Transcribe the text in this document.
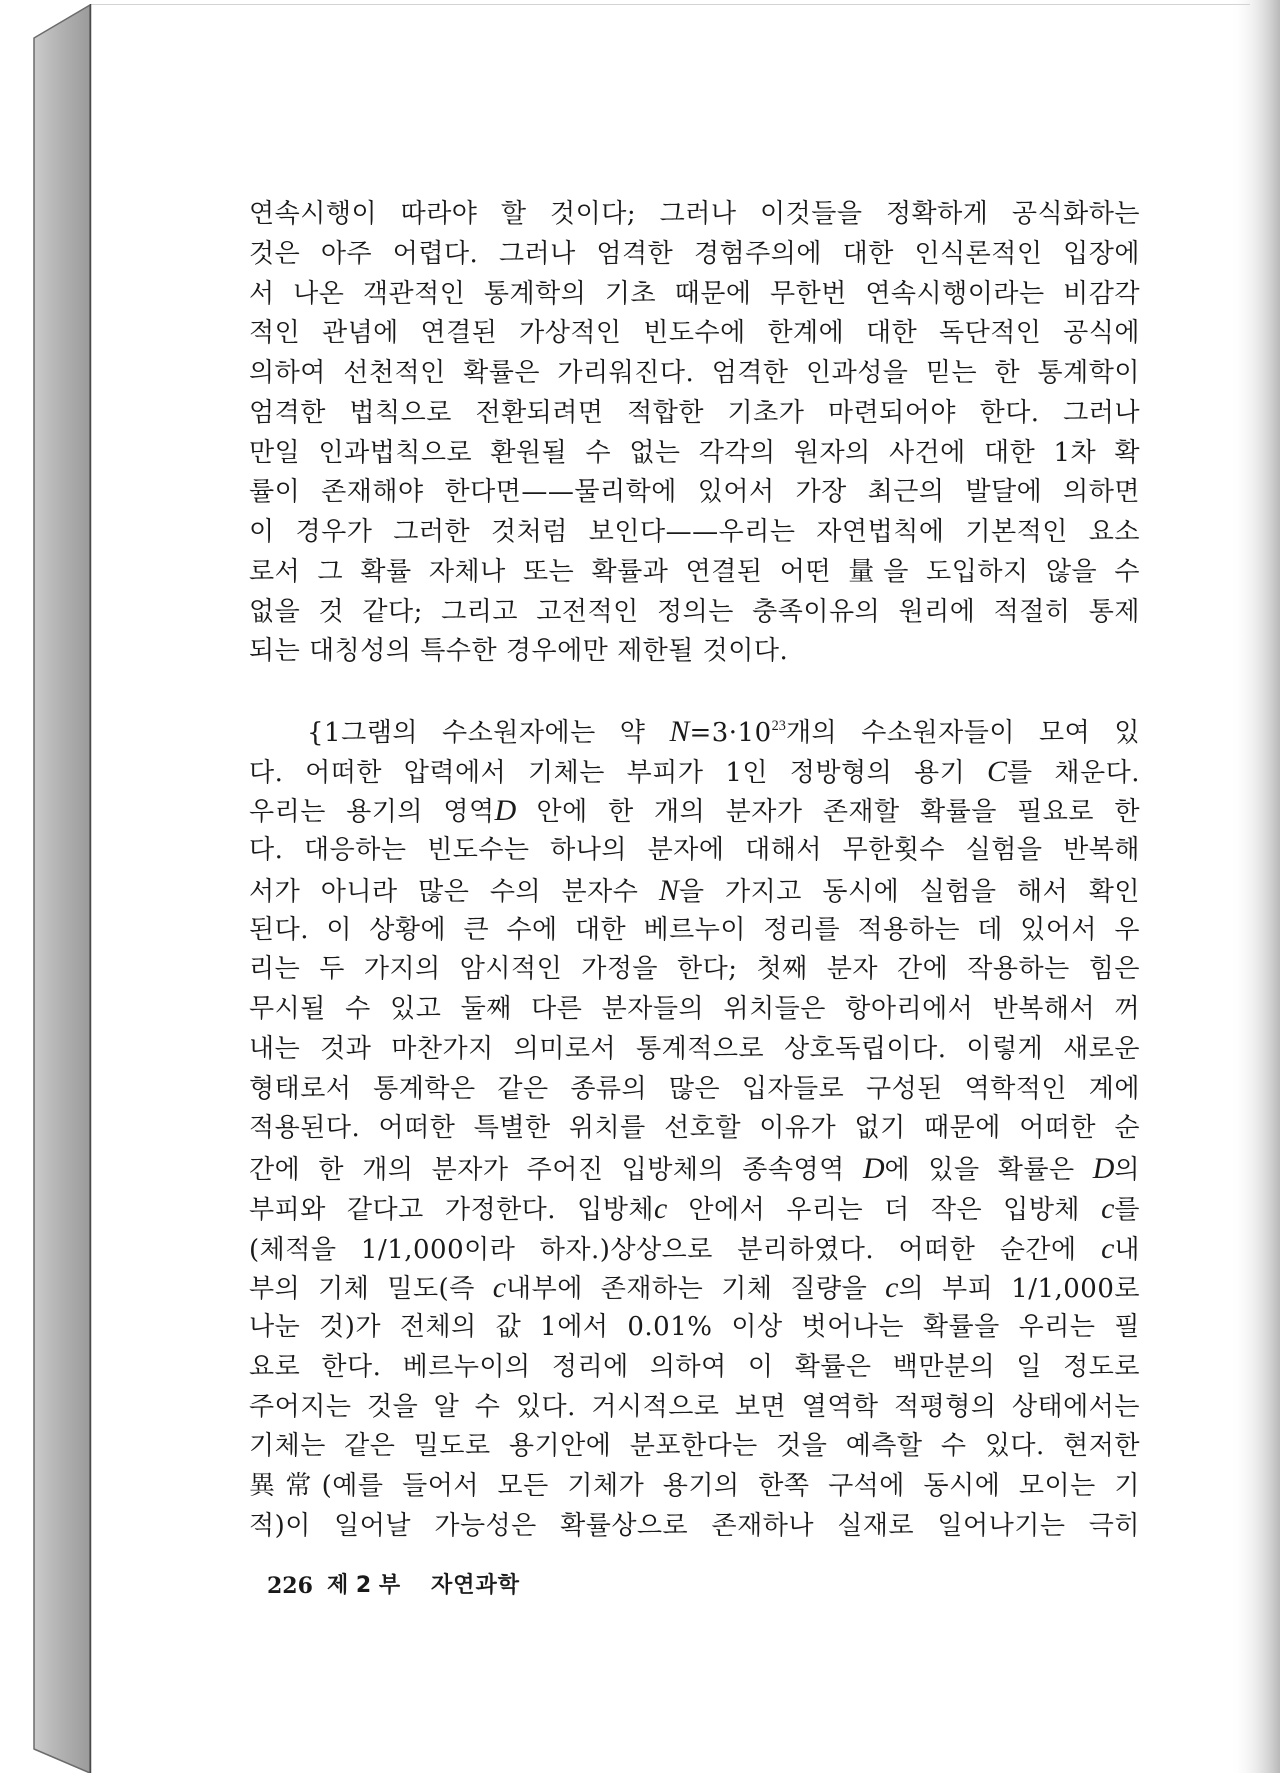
연속시행이 따라야 할 것이다; 그러나 이것들을 정확하게 공식화하는
것은 아주 어렵다. 그러나 엄격한 경험주의에 대한 인식론적인 입장에
서 나온 객관적인 통계학의 기초 때문에 무한번 연속시행이라는 비감각
적인 관념에 연결된 가상적인 빈도수에 한계에 대한 독단적인 공식에
의하여 선천적인 확률은 가리워진다. 엄격한 인과성을 믿는 한 통계학이
엄격한 법칙으로 전환되려면 적합한 기초가 마련되어야 한다. 그러나
만일 인과법칙으로 환원될 수 없는 각각의 원자의 사건에 대한 1차 확
률이 존재해야 한다면——물리학에 있어서 가장 최근의 발달에 의하면
이 경우가 그러한 것처럼 보인다——우리는 자연법칙에 기본적인 요소
로서 그 확률 자체나 또는 확률과 연결된 어떤 量을 도입하지 않을 수
없을 것 같다; 그리고 고전적인 정의는 충족이유의 원리에 적절히 통제
되는 대칭성의 특수한 경우에만 제한될 것이다.
{1그램의 수소원자에는 약 $N=3\cdot 10^{23}$개의 수소원자들이 모여 있
다. 어떠한 압력에서 기체는 부피가 1인 정방형의 용기 C를 채운다.
우리는 용기의 영역D 안에 한 개의 분자가 존재할 확률을 필요로 한
다. 대응하는 빈도수는 하나의 분자에 대해서 무한횟수 실험을 반복해
서가 아니라 많은 수의 분자수 N을 가지고 동시에 실험을 해서 확인
된다. 이 상황에 큰 수에 대한 베르누이 정리를 적용하는 데 있어서 우
리는 두 가지의 암시적인 가정을 한다; 첫째 분자 간에 작용하는 힘은
무시될 수 있고 둘째 다른 분자들의 위치들은 항아리에서 반복해서 꺼
내는 것과 마찬가지 의미로서 통계적으로 상호독립이다. 이렇게 새로운
형태로서 통계학은 같은 종류의 많은 입자들로 구성된 역학적인 계에
적용된다. 어떠한 특별한 위치를 선호할 이유가 없기 때문에 어떠한 순
간에 한 개의 분자가 주어진 입방체의 종속영역 D에 있을 확률은 D의
부피와 같다고 가정한다. 입방체c 안에서 우리는 더 작은 입방체 c를
(체적을 1/1,000이라 하자.)상상으로 분리하였다. 어떠한 순간에 c내
부의 기체 밀도(즉 c내부에 존재하는 기체 질량을 c의 부피 1/1,000로
나눈 것)가 전체의 값 1에서 0.01% 이상 벗어나는 확률을 우리는 필
요로 한다. 베르누이의 정리에 의하여 이 확률은 백만분의 일 정도로
주어지는 것을 알 수 있다. 거시적으로 보면 열역학 적평형의 상태에서는
기체는 같은 밀도로 용기안에 분포한다는 것을 예측할 수 있다. 현저한
異常(예를 들어서 모든 기체가 용기의 한쪽 구석에 동시에 모이는 기
적)이 일어날 가능성은 확률상으로 존재하나 실재로 일어나기는 극히
226 제 2 부 자연과학
